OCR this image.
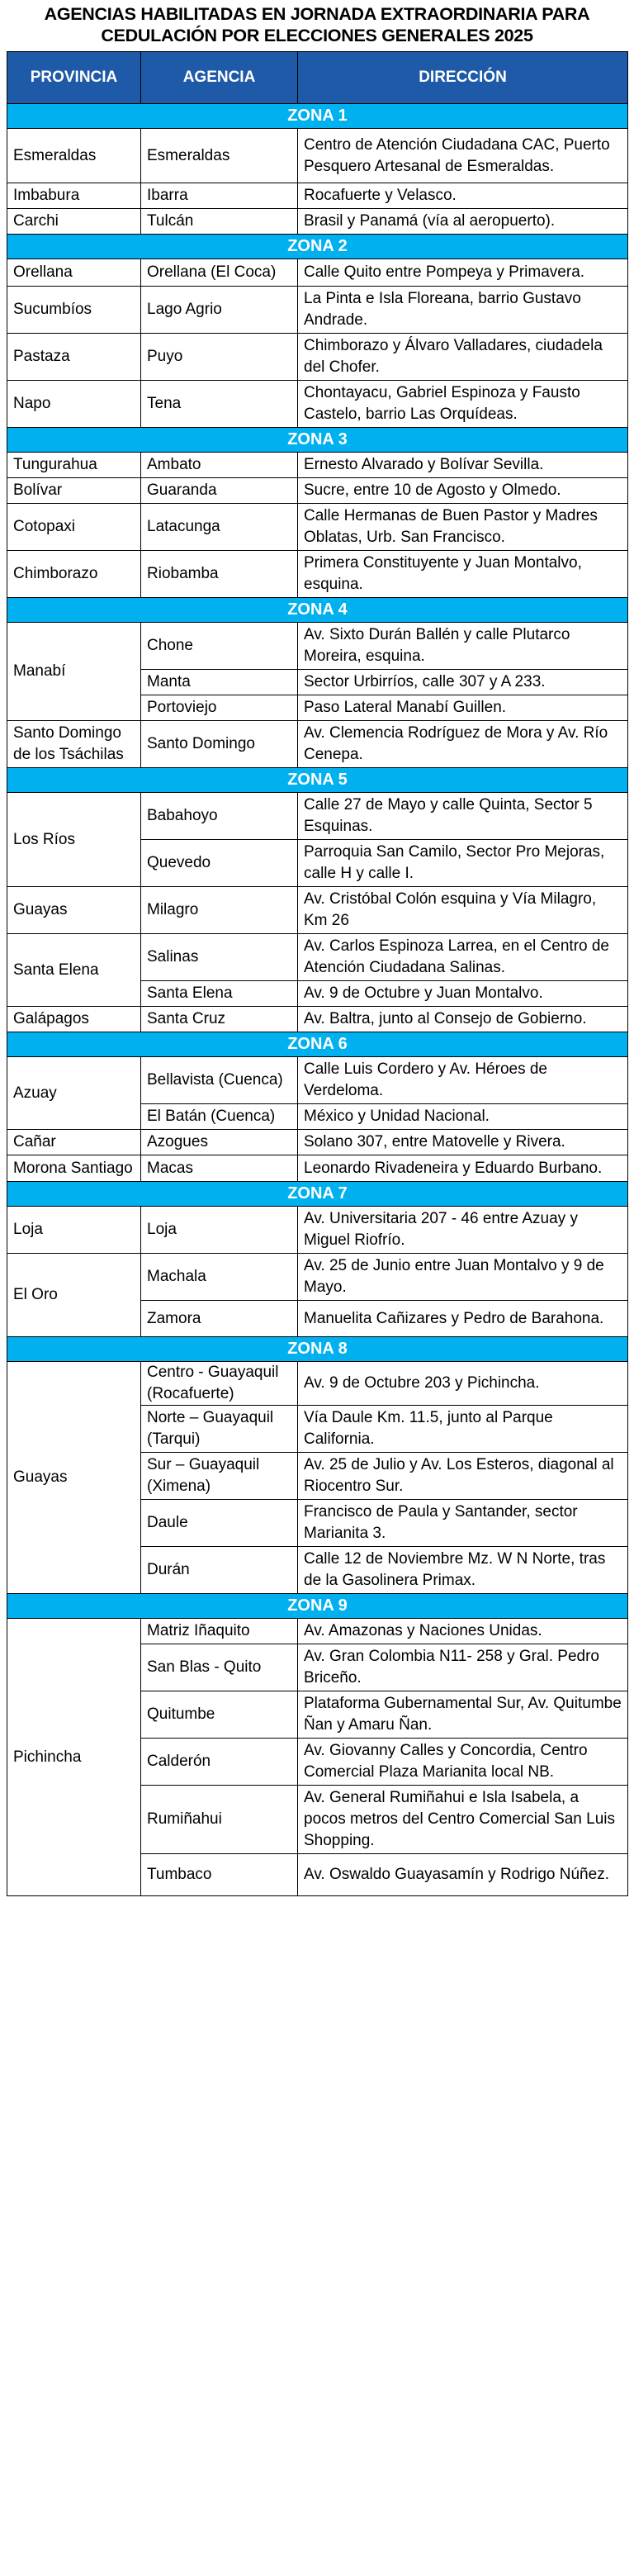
AGENCIAS HABILITADAS EN JORNADA EXTRAORDINARIA PARA
CEDULACIÓN POR ELECCIONES GENERALES 2025
PROVINCIA	AGENCIA	DIRECCIÓN
ZONA 1		
Esmeraldas	Esmeraldas	Centro de Atención Ciudadana CAC, Puerto Pesquero Artesanal de Esmeraldas.
Imbabura	Ibarra	Rocafuerte y Velasco.
Carchi	Tulcán	Brasil y Panamá (vía al aeropuerto).
ZONA 2		
Orellana	Orellana (El Coca)	Calle Quito entre Pompeya y Primavera.
Sucumbíos	Lago Agrio	La Pinta e Isla Floreana, barrio Gustavo Andrade.
Pastaza	Puyo	Chimborazo y Álvaro Valladares, ciudadela del Chofer.
Napo	Tena	Chontayacu, Gabriel Espinoza y Fausto Castelo, barrio Las Orquídeas.
ZONA 3		
Tungurahua	Ambato	Ernesto Alvarado y Bolívar Sevilla.
Bolívar	Guaranda	Sucre, entre 10 de Agosto y Olmedo.
Cotopaxi	Latacunga	Calle Hermanas de Buen Pastor y Madres Oblatas, Urb. San Francisco.
Chimborazo	Riobamba	Primera Constituyente y Juan Montalvo, esquina.
ZONA 4		
Manabí	Chone	Av. Sixto Durán Ballén y calle Plutarco Moreira, esquina.
	Manta	Sector Urbirríos, calle 307 y A 233.
	Portoviejo	Paso Lateral Manabí Guillen.
Santo Domingo de los Tsáchilas	Santo Domingo	Av. Clemencia Rodríguez de Mora y Av. Río Cenepa.
ZONA 5		
Los Ríos	Babahoyo	Calle 27 de Mayo y calle Quinta, Sector 5 Esquinas.
	Quevedo	Parroquia San Camilo, Sector Pro Mejoras, calle H y calle I.
Guayas	Milagro	Av. Cristóbal Colón esquina y Vía Milagro, Km 26
Santa Elena	Salinas	Av. Carlos Espinoza Larrea, en el Centro de Atención Ciudadana Salinas.
	Santa Elena	Av. 9 de Octubre y Juan Montalvo.
Galápagos	Santa Cruz	Av. Baltra, junto al Consejo de Gobierno.
ZONA 6		
Azuay	Bellavista (Cuenca)	Calle Luis Cordero y Av. Héroes de Verdeloma.
	El Batán (Cuenca)	México y Unidad Nacional.
Cañar	Azogues	Solano 307, entre Matovelle y Rivera.
Morona Santiago	Macas	Leonardo Rivadeneira y Eduardo Burbano.
ZONA 7		
Loja	Loja	Av. Universitaria 207 - 46 entre Azuay y Miguel Riofrío.
El Oro	Machala	Av. 25 de Junio entre Juan Montalvo y 9 de Mayo.
	Zamora	Manuelita Cañizares y Pedro de Barahona.
ZONA 8		
Guayas	Centro - Guayaquil (Rocafuerte)	Av. 9 de Octubre 203 y Pichincha.
	Norte – Guayaquil (Tarqui)	Vía Daule Km. 11.5, junto al Parque California.
	Sur – Guayaquil (Ximena)	Av. 25 de Julio y Av. Los Esteros, diagonal al Riocentro Sur.
	Daule	Francisco de Paula y Santander, sector Marianita 3.
	Durán	Calle 12 de Noviembre Mz. W N Norte, tras de la Gasolinera Primax.
ZONA 9		
Pichincha	Matriz Iñaquito	Av. Amazonas y Naciones Unidas.
	San Blas - Quito	Av. Gran Colombia N11- 258 y Gral. Pedro Briceño.
	Quitumbe	Plataforma Gubernamental Sur, Av. Quitumbe Ñan y Amaru Ñan.
	Calderón	Av. Giovanny Calles y Concordia, Centro Comercial Plaza Marianita local NB.
	Rumiñahui	Av. General Rumiñahui e Isla Isabela, a pocos metros del Centro Comercial San Luis Shopping.
	Tumbaco	Av. Oswaldo Guayasamín y Rodrigo Núñez.
